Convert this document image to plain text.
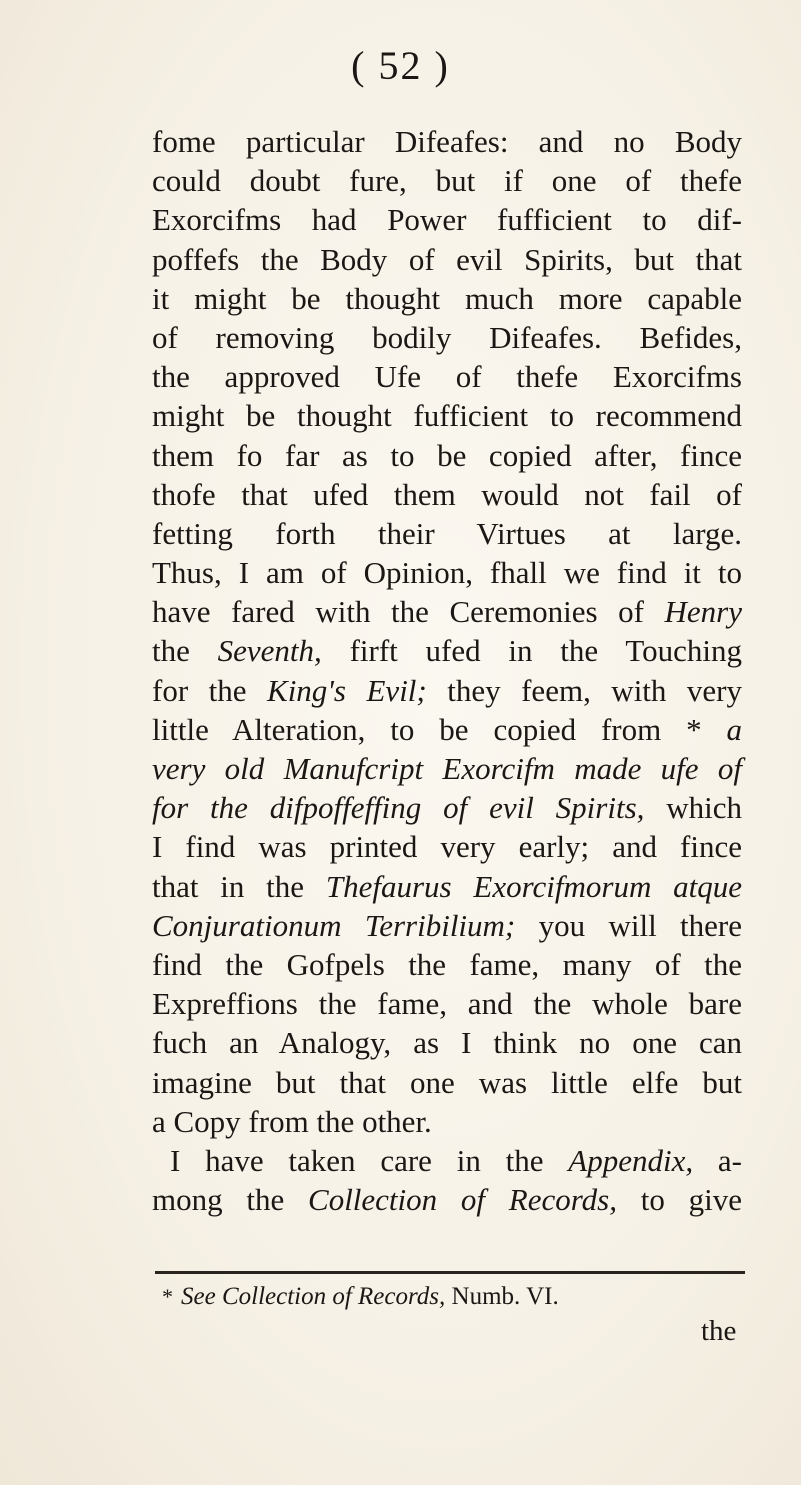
( 52 )
fome particular Difeafes: and no Body
could doubt fure, but if one of thefe
Exorcifms had Power fufficient to dif-
poffefs the Body of evil Spirits, but that
it might be thought much more capable
of removing bodily Difeafes. Befides,
the approved Ufe of thefe Exorcifms
might be thought fufficient to recommend
them fo far as to be copied after, fince
thofe that ufed them would not fail of
fetting forth their Virtues at large.
Thus, I am of Opinion, fhall we find it to
have fared with the Ceremonies of Henry
the Seventh, firft ufed in the Touching
for the King's Evil; they feem, with very
little Alteration, to be copied from * a
very old Manufcript Exorcifm made ufe of
for the difpoffeffing of evil Spirits, which
I find was printed very early; and fince
that in the Thefaurus Exorcifmorum atque
Conjurationum Terribilium; you will there
find the Gofpels the fame, many of the
Expreffions the fame, and the whole bare
fuch an Analogy, as I think no one can
imagine but that one was little elfe but
a Copy from the other.
I have taken care in the Appendix, a-
mong the Collection of Records, to give
* See Collection of Records, Numb. VI.
the
